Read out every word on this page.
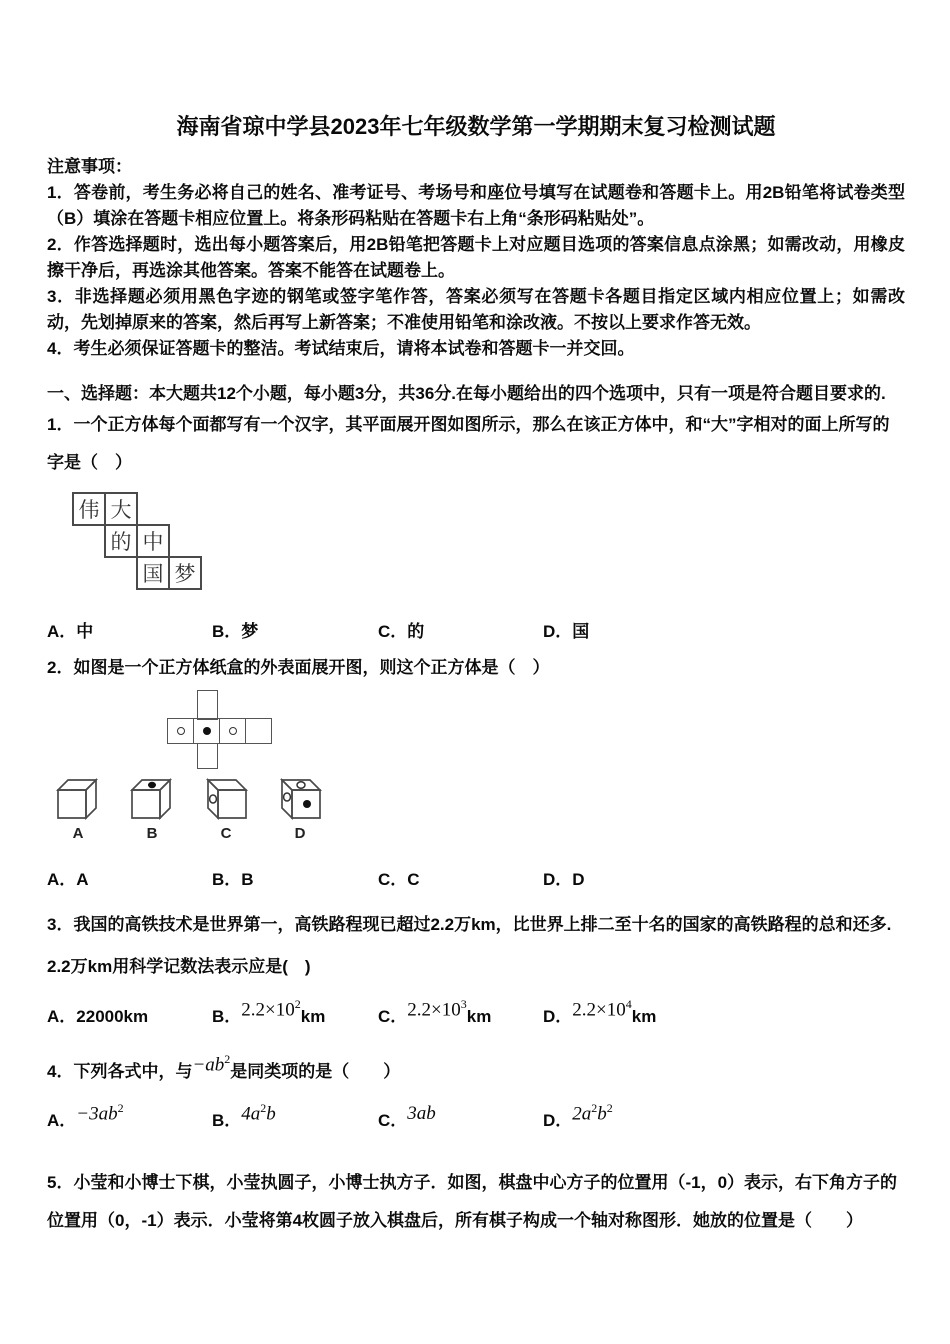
海南省琼中学县2023年七年级数学第一学期期末复习检测试题
注意事项：

1．答卷前，考生务必将自己的姓名、准考证号、考场号和座位号填写在试题卷和答题卡上。用2B铅笔将试卷类型（B）填涂在答题卡相应位置上。将条形码粘贴在答题卡右上角“条形码粘贴处”。

2．作答选择题时，选出每小题答案后，用2B铅笔把答题卡上对应题目选项的答案信息点涂黑；如需改动，用橡皮擦干净后，再选涂其他答案。答案不能答在试题卷上。

3．非选择题必须用黑色字迹的钢笔或签字笔作答，答案必须写在答题卡各题目指定区域内相应位置上；如需改动，先划掉原来的答案，然后再写上新答案；不准使用铅笔和涂改液。不按以上要求作答无效。

4．考生必须保证答题卡的整洁。考试结束后，请将本试卷和答题卡一并交回。

一、选择题：本大题共12个小题，每小题3分，共36分.在每小题给出的四个选项中，只有一项是符合题目要求的.

1．一个正方体每个面都写有一个汉字，其平面展开图如图所示，那么在该正方体中，和“大”字相对的面上所写的

字是（　）

伟 大
的 中
国 梦
A．中	B．梦	C．的	D．国

2．如图是一个正方体纸盒的外表面展开图，则这个正方体是（　）

A	B	C	D
A．A	B．B	C．C	D．D

3．我国的高铁技术是世界第一，高铁路程现已超过2.2万km，比世界上排二至十名的国家的高铁路程的总和还多.

2.2万km用科学记数法表示应是(　)

A．22000km	B．$2.2\times 10^2km$	C．$2.2\times 10^3km$	D．$2.2\times 10^4km$

4．下列各式中，与$-ab^2$是同类项的是（　　）

A．$-3ab^2$
B．$4a^2b$	C．3ab	D．$2a^2b^2$

5．小莹和小博士下棋，小莹执圆子，小博士执方子．如图，棋盘中心方子的位置用（-1，0）表示，右下角方子的

位置用（0，-1）表示．小莹将第4枚圆子放入棋盘后，所有棋子构成一个轴对称图形．她放的位置是（　　）
